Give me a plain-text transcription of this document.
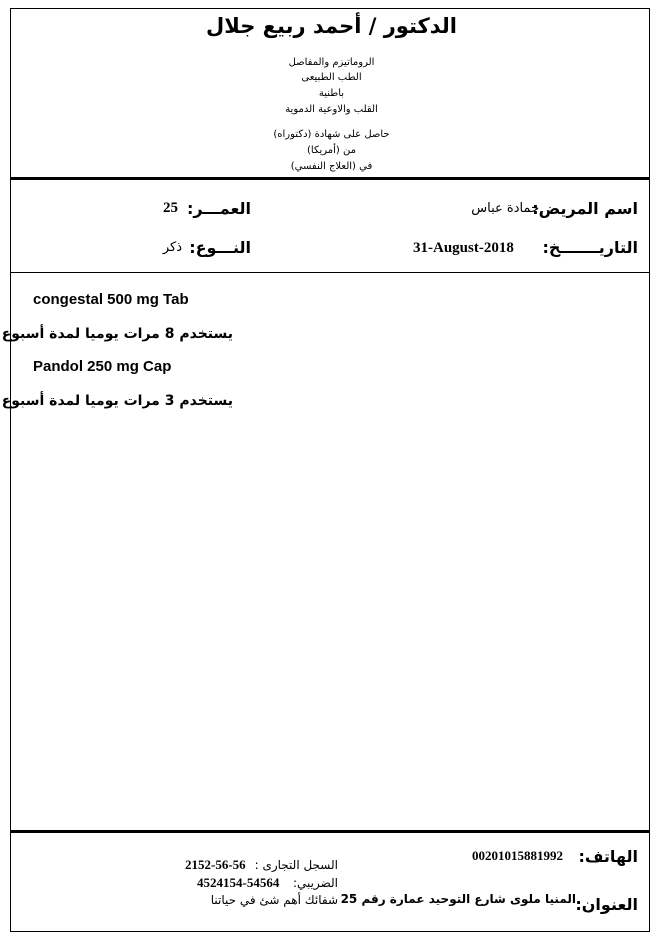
الدكتور / أحمد ربيع جلال
الروماتيزم والمفاصل
الطب الطبيعى
باطنية
القلب والاوعية الدموية
حاصل على شهادة (دكتوراه)
من (أمريكا)
في (العلاج النفسي)
اسم المريض:
حمادة عباس
العمـــر:
25
التاريـــــــخ:
31-August-2018
النـــوع:
ذكر
congestal 500 mg Tab
يستخدم 8 مرات يوميا لمدة أسبوع
Pandol 250 mg Cap
يستخدم 3 مرات يوميا لمدة أسبوع
الهاتف:
00201015881992
العنوان:
المنيا ملوى شارع التوحيد عمارة رقم 25
السجل التجارى :
2152-56-56
الضريبي:
4524154-54564
شفائك أهم شئ في حياتنا
